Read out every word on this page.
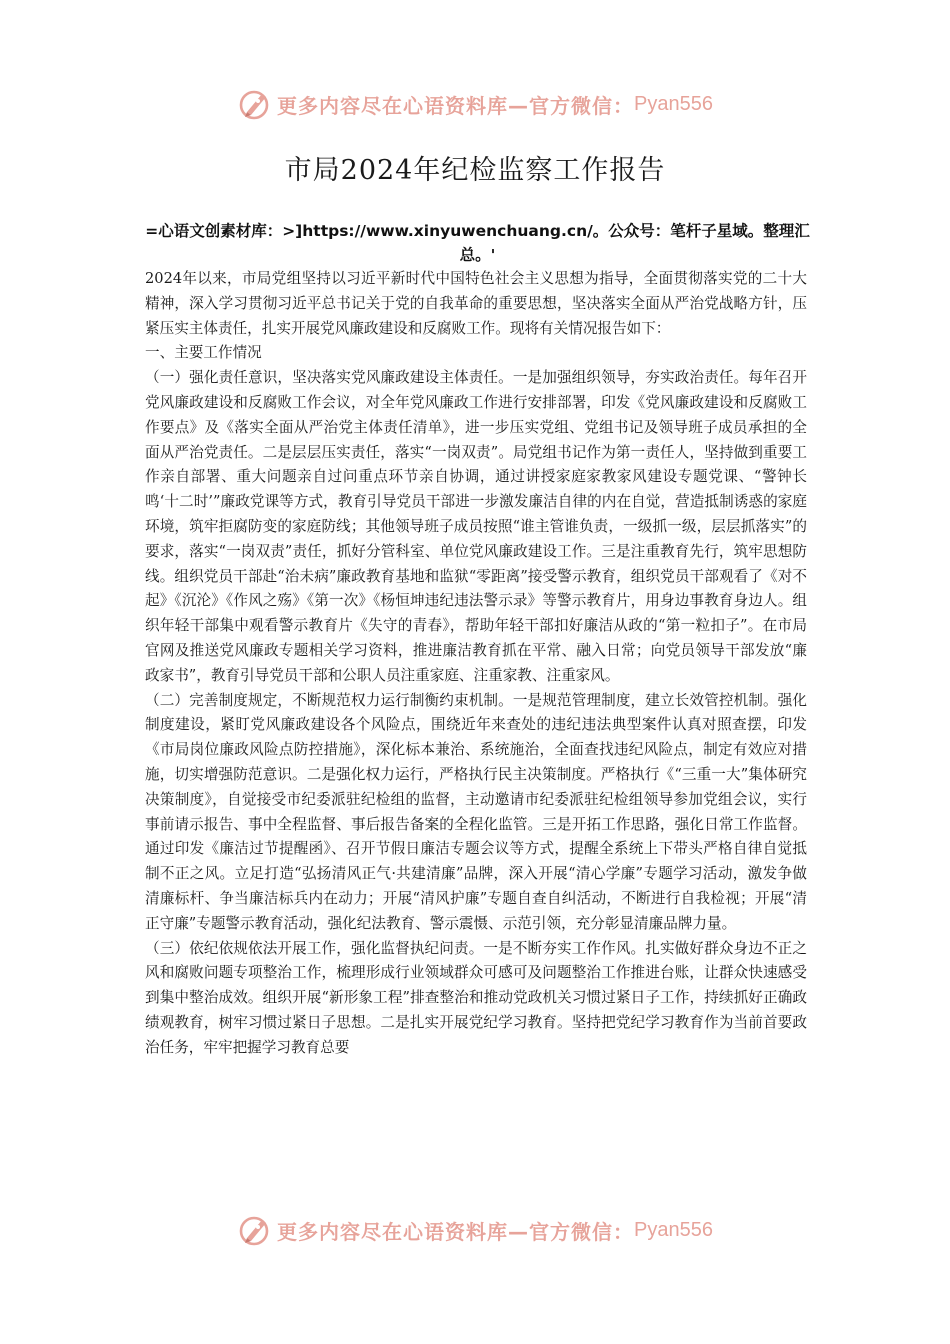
更多内容尽在心语资料库—官方微信： Pyan556
市局2024年纪检监察工作报告

=心语文创素材库：>]https://www.xinyuwenchuang.cn/。公众号：笔杆子星域。整理汇总。'

2024年以来，市局党组坚持以习近平新时代中国特色社会主义思想为指导，全面贯彻落实党的二十大精神，深入学习贯彻习近平总书记关于党的自我革命的重要思想，坚决落实全面从严治党战略方针，压紧压实主体责任，扎实开展党风廉政建设和反腐败工作。现将有关情况报告如下：

一、主要工作情况

（一）强化责任意识，坚决落实党风廉政建设主体责任。一是加强组织领导，夯实政治责任。每年召开党风廉政建设和反腐败工作会议，对全年党风廉政工作进行安排部署，印发《党风廉政建设和反腐败工作要点》及《落实全面从严治党主体责任清单》，进一步压实党组、党组书记及领导班子成员承担的全面从严治党责任。二是层层压实责任，落实“一岗双责”。局党组书记作为第一责任人，坚持做到重要工作亲自部署、重大问题亲自过问重点环节亲自协调，通过讲授家庭家教家风建设专题党课、“警钟长鸣‘十二时’”廉政党课等方式，教育引导党员干部进一步激发廉洁自律的内在自觉，营造抵制诱惑的家庭环境，筑牢拒腐防变的家庭防线；其他领导班子成员按照“谁主管谁负责，一级抓一级，层层抓落实”的要求，落实“一岗双责”责任，抓好分管科室、单位党风廉政建设工作。三是注重教育先行，筑牢思想防线。组织党员干部赴“治未病”廉政教育基地和监狱“零距离”接受警示教育，组织党员干部观看了《对不起》《沉沦》《作风之殇》《第一次》《杨恒坤违纪违法警示录》等警示教育片，用身边事教育身边人。组织年轻干部集中观看警示教育片《失守的青春》，帮助年轻干部扣好廉洁从政的“第一粒扣子”。在市局官网及推送党风廉政专题相关学习资料，推进廉洁教育抓在平常、融入日常；向党员领导干部发放“廉政家书”，教育引导党员干部和公职人员注重家庭、注重家教、注重家风。

（二）完善制度规定，不断规范权力运行制衡约束机制。一是规范管理制度，建立长效管控机制。强化制度建设，紧盯党风廉政建设各个风险点，围绕近年来查处的违纪违法典型案件认真对照查摆，印发《市局岗位廉政风险点防控措施》，深化标本兼治、系统施治，全面查找违纪风险点，制定有效应对措施，切实增强防范意识。二是强化权力运行，严格执行民主决策制度。严格执行《“三重一大”集体研究决策制度》，自觉接受市纪委派驻纪检组的监督，主动邀请市纪委派驻纪检组领导参加党组会议，实行事前请示报告、事中全程监督、事后报告备案的全程化监管。三是开拓工作思路，强化日常工作监督。通过印发《廉洁过节提醒函》、召开节假日廉洁专题会议等方式，提醒全系统上下带头严格自律自觉抵制不正之风。立足打造“弘扬清风正气·共建清廉”品牌，深入开展“清心学廉”专题学习活动，激发争做清廉标杆、争当廉洁标兵内在动力；开展“清风护廉”专题自查自纠活动，不断进行自我检视；开展“清正守廉”专题警示教育活动，强化纪法教育、警示震慑、示范引领，充分彰显清廉品牌力量。

（三）依纪依规依法开展工作，强化监督执纪问责。一是不断夯实工作作风。扎实做好群众身边不正之风和腐败问题专项整治工作，梳理形成行业领域群众可感可及问题整治工作推进台账，让群众快速感受到集中整治成效。组织开展“新形象工程”排查整治和推动党政机关习惯过紧日子工作，持续抓好正确政绩观教育，树牢习惯过紧日子思想。二是扎实开展党纪学习教育。坚持把党纪学习教育作为当前首要政治任务，牢牢把握学习教育总要

更多内容尽在心语资料库—官方微信： Pyan556
